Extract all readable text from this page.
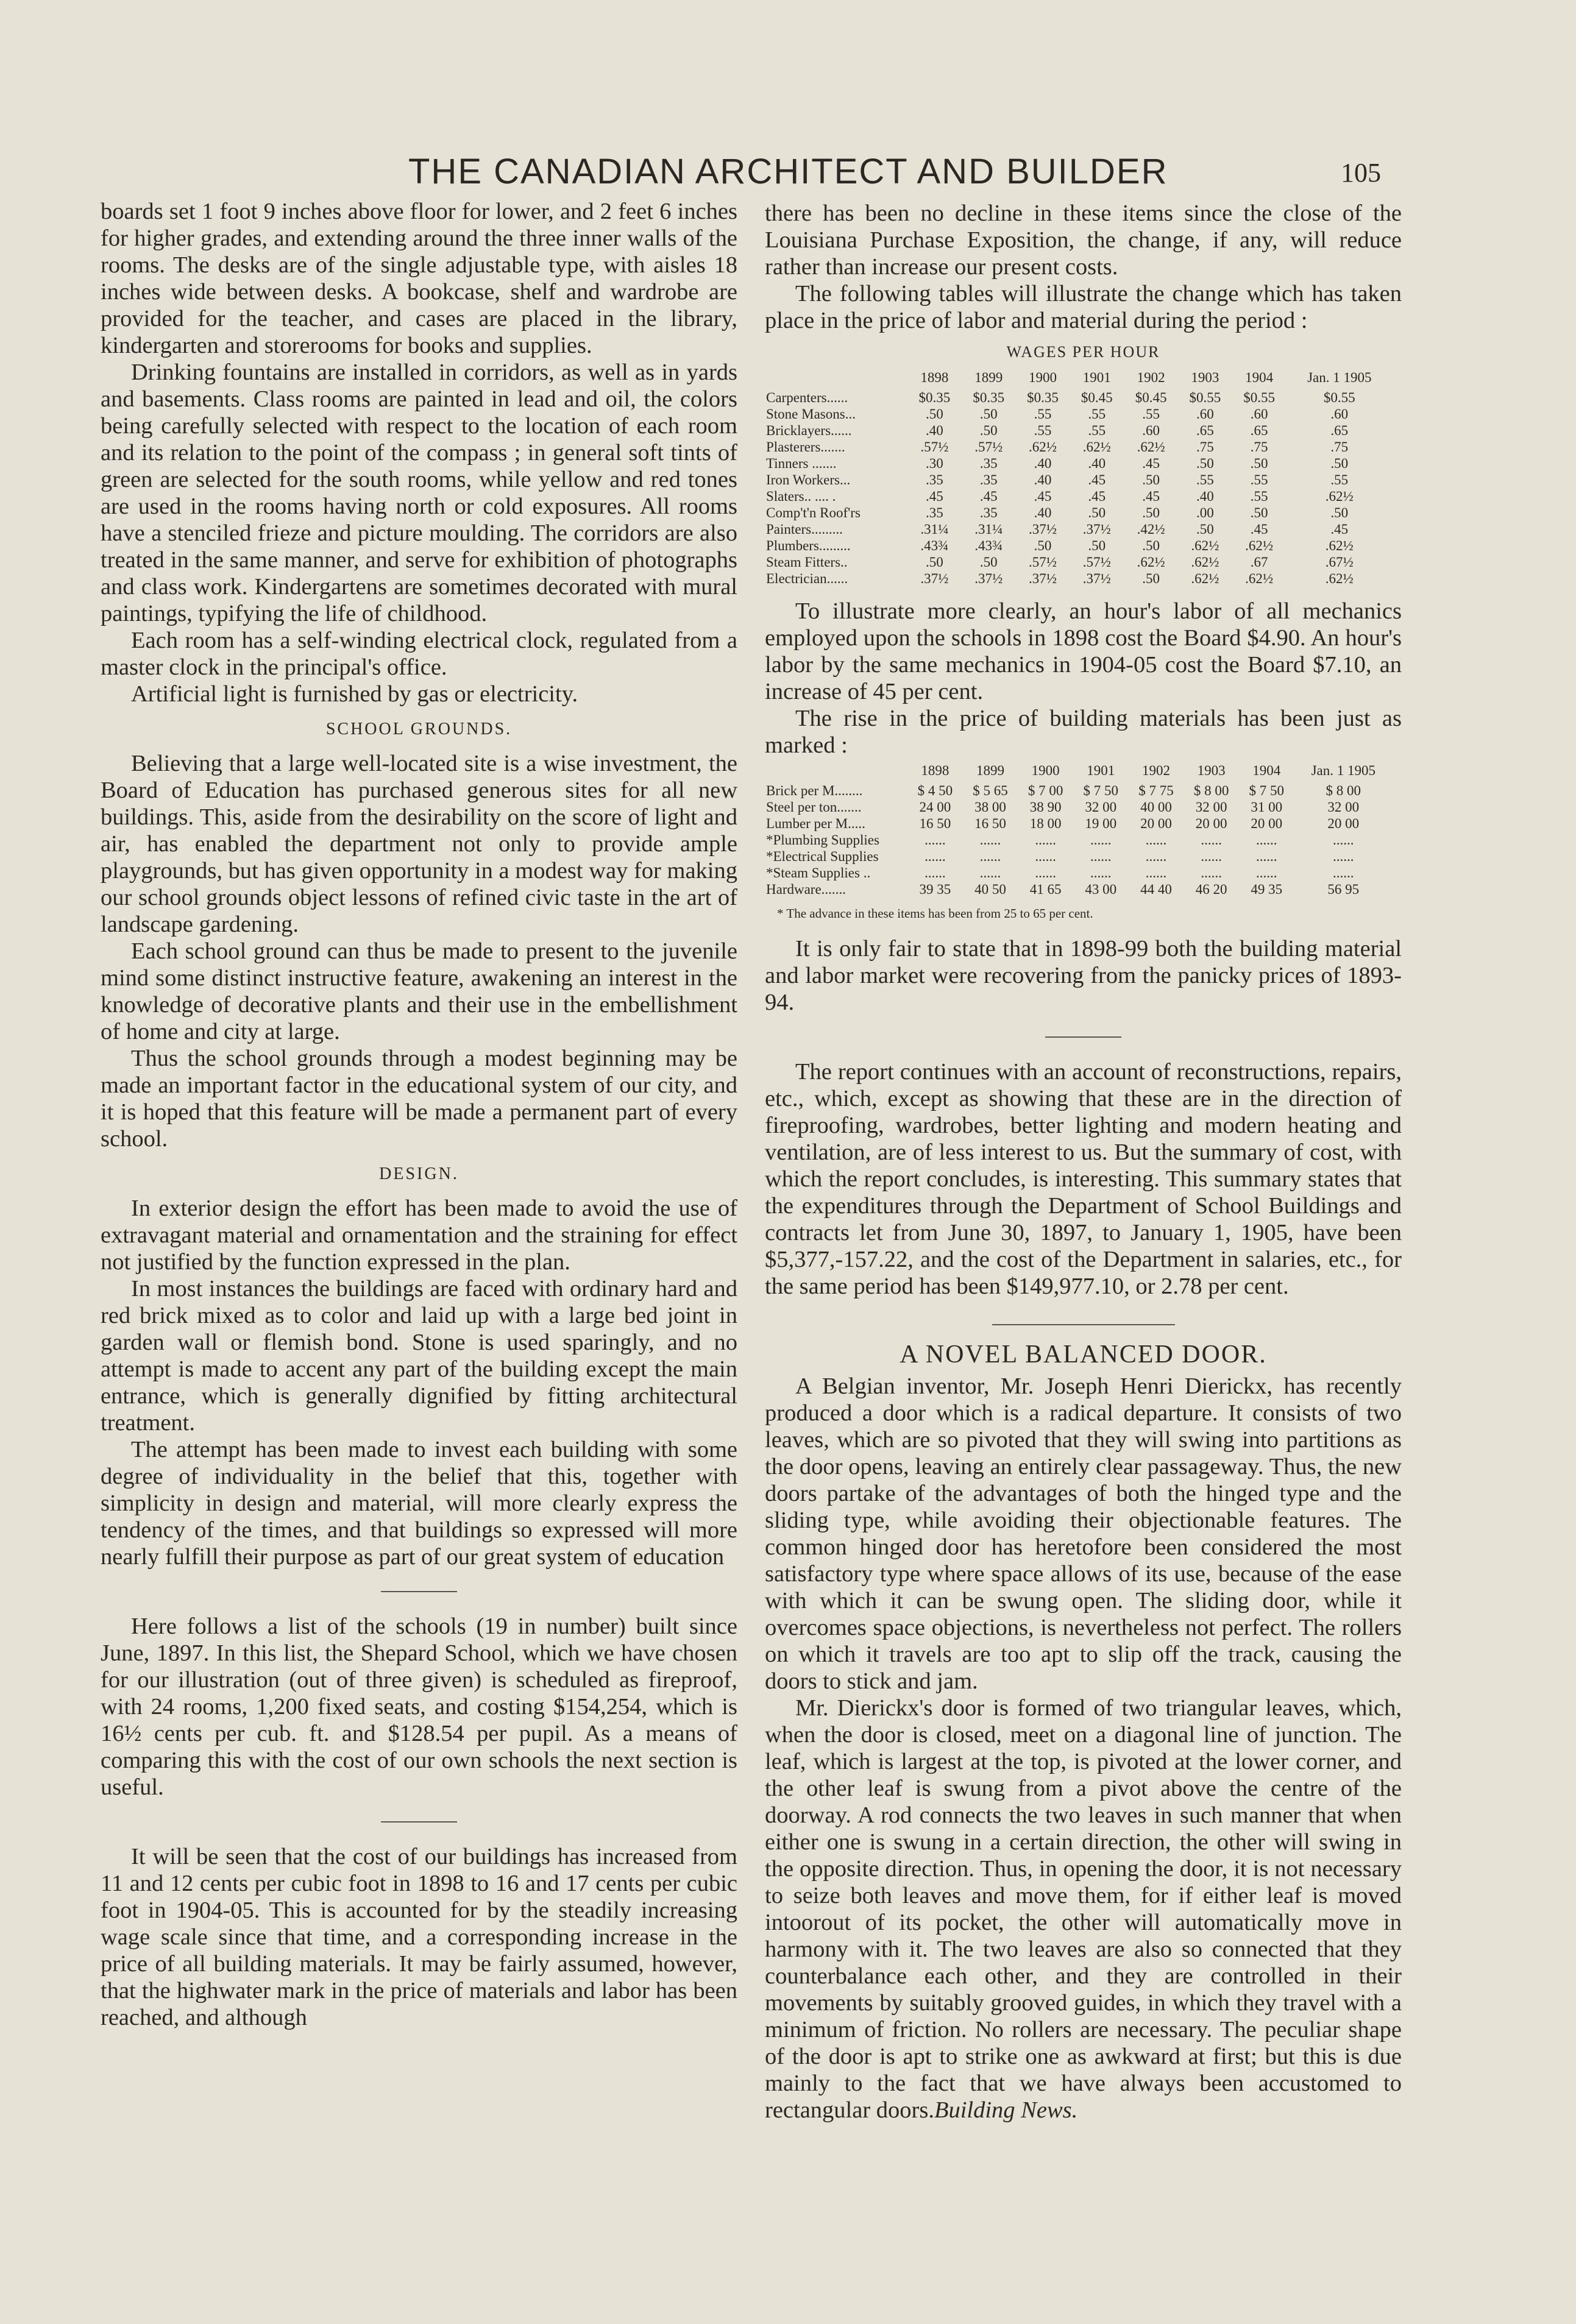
THE CANADIAN ARCHITECT AND BUILDER	105

boards set 1 foot 9 inches above floor for lower, and 2 feet 6 inches for higher grades, and extending around the three inner walls of the rooms. The desks are of the single adjustable type, with aisles 18 inches wide between desks. A bookcase, shelf and wardrobe are provided for the teacher, and cases are placed in the library, kindergarten and storerooms for books and supplies.

Drinking fountains are installed in corridors, as well as in yards and basements. Class rooms are painted in lead and oil, the colors being carefully selected with respect to the location of each room and its relation to the point of the compass ; in general soft tints of green are selected for the south rooms, while yellow and red tones are used in the rooms having north or cold exposures. All rooms have a stenciled frieze and picture moulding. The corridors are also treated in the same manner, and serve for exhibition of photographs and class work. Kindergartens are sometimes decorated with mural paintings, typifying the life of childhood.

Each room has a self-winding electrical clock, regulated from a master clock in the principal's office.

Artificial light is furnished by gas or electricity.

SCHOOL GROUNDS.

Believing that a large well-located site is a wise investment, the Board of Education has purchased generous sites for all new buildings. This, aside from the desirability on the score of light and air, has enabled the department not only to provide ample playgrounds, but has given opportunity in a modest way for making our school grounds object lessons of refined civic taste in the art of landscape gardening.

Each school ground can thus be made to present to the juvenile mind some distinct instructive feature, awakening an interest in the knowledge of decorative plants and their use in the embellishment of home and city at large.

Thus the school grounds through a modest beginning may be made an important factor in the educational system of our city, and it is hoped that this feature will be made a permanent part of every school.

DESIGN.

In exterior design the effort has been made to avoid the use of extravagant material and ornamentation and the straining for effect not justified by the function expressed in the plan.

In most instances the buildings are faced with ordinary hard and red brick mixed as to color and laid up with a large bed joint in garden wall or flemish bond. Stone is used sparingly, and no attempt is made to accent any part of the building except the main entrance, which is generally dignified by fitting architectural treatment.

The attempt has been made to invest each building with some degree of individuality in the belief that this, together with simplicity in design and material, will more clearly express the tendency of the times, and that buildings so expressed will more nearly fulfill their purpose as part of our great system of education

Here follows a list of the schools (19 in number) built since June, 1897. In this list, the Shepard School, which we have chosen for our illustration (out of three given) is scheduled as fireproof, with 24 rooms, 1,200 fixed seats, and costing $154,254, which is 16½ cents per cub. ft. and $128.54 per pupil. As a means of comparing this with the cost of our own schools the next section is useful.

It will be seen that the cost of our buildings has increased from 11 and 12 cents per cubic foot in 1898 to 16 and 17 cents per cubic foot in 1904-05. This is accounted for by the steadily increasing wage scale since that time, and a corresponding increase in the price of all building materials. It may be fairly assumed, however, that the highwater mark in the price of materials and labor has been reached, and although

there has been no decline in these items since the close of the Louisiana Purchase Exposition, the change, if any, will reduce rather than increase our present costs.

The following tables will illustrate the change which has taken place in the price of labor and material during the period :

WAGES PER HOUR
	1898	1899	1900	1901	1902	1903	1904	Jan. 1 1905
Carpenters......	$0.35	$0.35	$0.35	$0.45	$0.45	$0.55	$0.55	$0.55
Stone Masons...	.50	.50	.55	.55	.55	.60	.60	.60
Bricklayers......	.40	.50	.55	.55	.60	.65	.65	.65
Plasterers.......	.57½	.57½	.62½	.62½	.62½	.75	.75	.75
Tinners .......	.30	.35	.40	.40	.45	.50	.50	.50
Iron Workers...	.35	.35	.40	.45	.50	.55	.55	.55
Slaters.. .... .	.45	.45	.45	.45	.45	.40	.55	.62½
Comp't'n Roof'rs	.35	.35	.40	.50	.50	.00	.50	.50
Painters.........	.31¼	.31¼	.37½	.37½	.42½	.50	.45	.45
Plumbers.........	.43¾	.43¾	.50	.50	.50	.62½	.62½	.62½
Steam Fitters..	.50	.50	.57½	.57½	.62½	.62½	.67	.67½
Electrician......	.37½	.37½	.37½	.37½	.50	.62½	.62½	.62½

To illustrate more clearly, an hour's labor of all mechanics employed upon the schools in 1898 cost the Board $4.90. An hour's labor by the same mechanics in 1904-05 cost the Board $7.10, an increase of 45 per cent.

The rise in the price of building materials has been just as marked :

	1898	1899	1900	1901	1902	1903	1904	Jan. 1 1905
Brick per M........	$ 4 50	$ 5 65	$ 7 00	$ 7 50	$ 7 75	$ 8 00	$ 7 50	$ 8 00
Steel per ton.......	24 00	38 00	38 90	32 00	40 00	32 00	31 00	32 00
Lumber per M.....	16 50	16 50	18 00	19 00	20 00	20 00	20 00	20 00
*Plumbing Supplies	......	......	......	......	......	......	......	......
*Electrical Supplies	......	......	......	......	......	......	......	......
*Steam Supplies ..	......	......	......	......	......	......	......	......
Hardware.......	39 35	40 50	41 65	43 00	44 40	46 20	49 35	56 95

* The advance in these items has been from 25 to 65 per cent.

It is only fair to state that in 1898-99 both the building material and labor market were recovering from the panicky prices of 1893-94.

The report continues with an account of reconstructions, repairs, etc., which, except as showing that these are in the direction of fireproofing, wardrobes, better lighting and modern heating and ventilation, are of less interest to us. But the summary of cost, with which the report concludes, is interesting. This summary states that the expenditures through the Department of School Buildings and contracts let from June 30, 1897, to January 1, 1905, have been $5,377,-157.22, and the cost of the Department in salaries, etc., for the same period has been $149,977.10, or 2.78 per cent.

A NOVEL BALANCED DOOR.

A Belgian inventor, Mr. Joseph Henri Dierickx, has recently produced a door which is a radical departure. It consists of two leaves, which are so pivoted that they will swing into partitions as the door opens, leaving an entirely clear passageway. Thus, the new doors partake of the advantages of both the hinged type and the sliding type, while avoiding their objectionable features. The common hinged door has heretofore been considered the most satisfactory type where space allows of its use, because of the ease with which it can be swung open. The sliding door, while it overcomes space objections, is nevertheless not perfect. The rollers on which it travels are too apt to slip off the track, causing the doors to stick and jam.

Mr. Dierickx's door is formed of two triangular leaves, which, when the door is closed, meet on a diagonal line of junction. The leaf, which is largest at the top, is pivoted at the lower corner, and the other leaf is swung from a pivot above the centre of the doorway. A rod connects the two leaves in such manner that when either one is swung in a certain direction, the other will swing in the opposite direction. Thus, in opening the door, it is not necessary to seize both leaves and move them, for if either leaf is moved intoorout of its pocket, the other will automatically move in harmony with it. The two leaves are also so connected that they counterbalance each other, and they are controlled in their movements by suitably grooved guides, in which they travel with a minimum of friction. No rollers are necessary. The peculiar shape of the door is apt to strike one as awkward at first; but this is due mainly to the fact that we have always been accustomed to rectangular doors.Building News.
